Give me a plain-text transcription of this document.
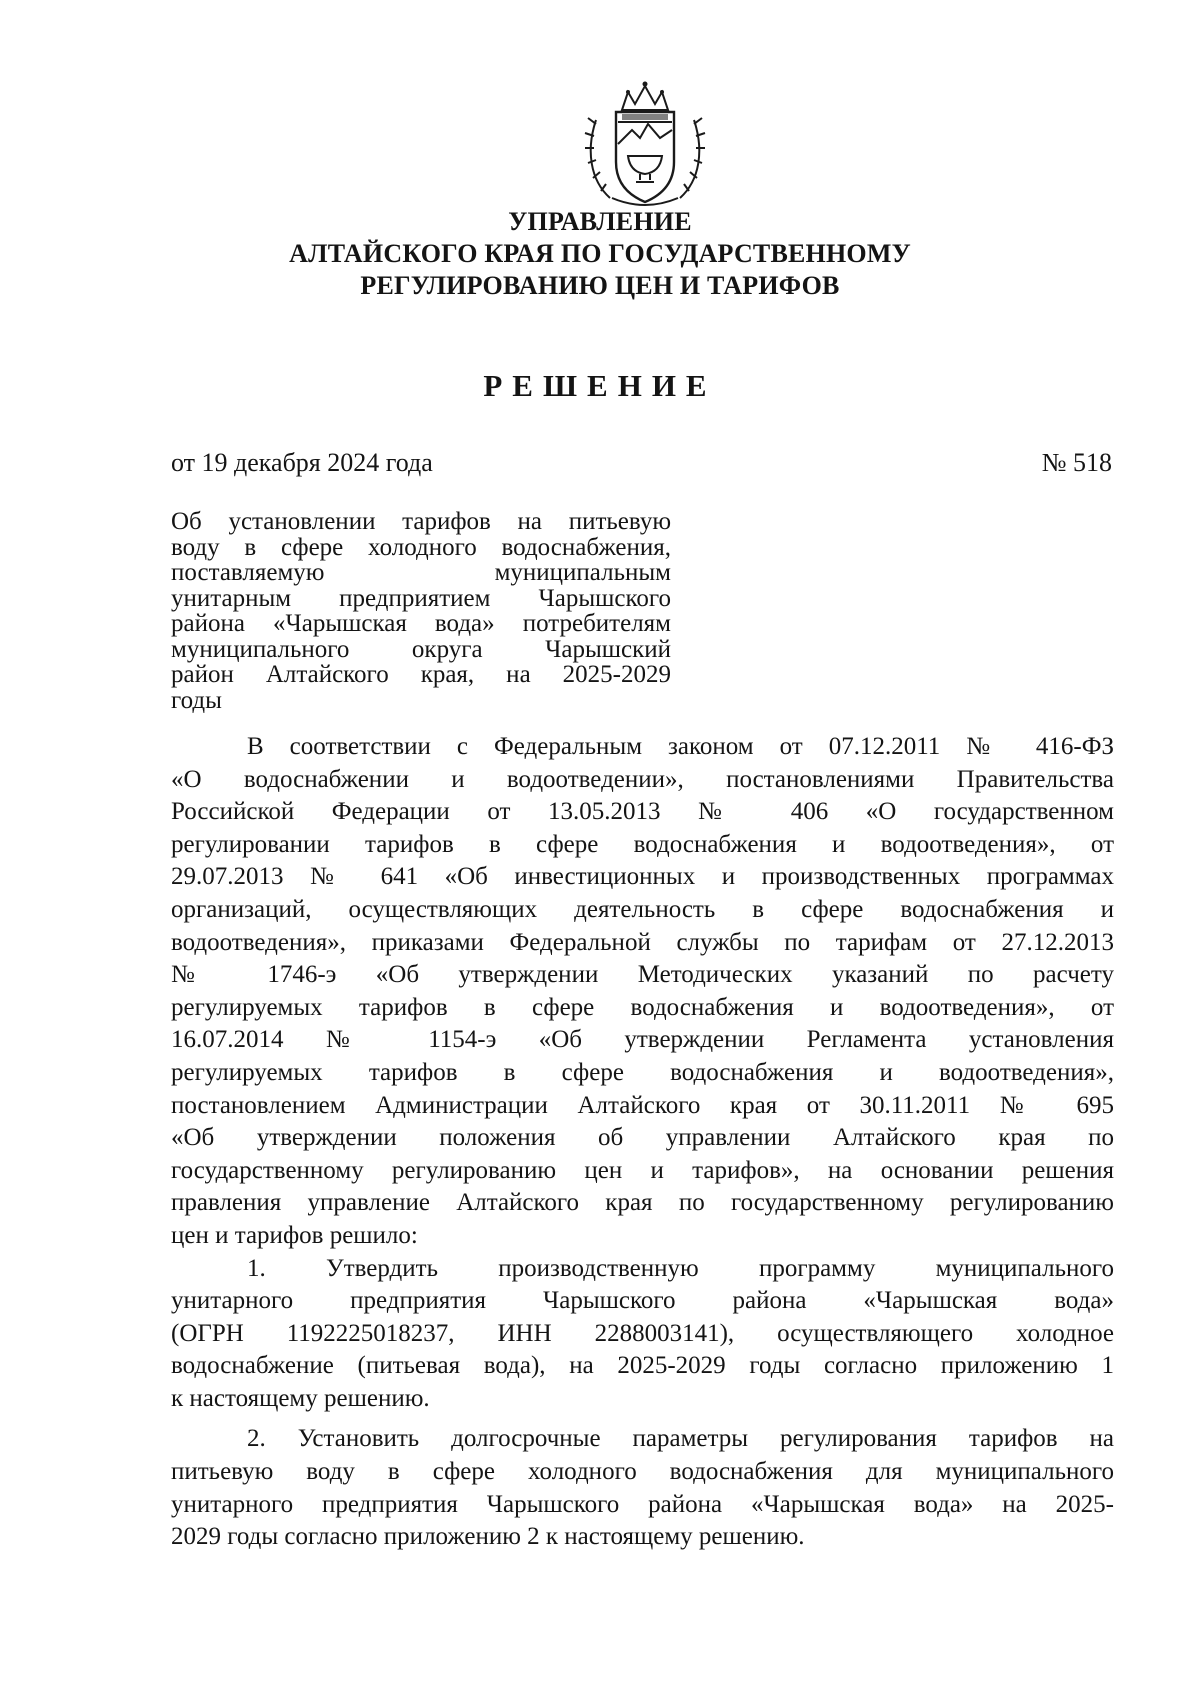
УПРАВЛЕНИЕ
АЛТАЙСКОГО КРАЯ ПО ГОСУДАРСТВЕННОМУ
РЕГУЛИРОВАНИЮ ЦЕН И ТАРИФОВ
РЕШЕНИЕ
от 19 декабря 2024 года	№ 518
Об установлении тарифов на питьевую
воду в сфере холодного водоснабжения,
поставляемую муниципальным
унитарным предприятием Чарышского
района «Чарышская вода» потребителям
муниципального округа Чарышский
район Алтайского края, на 2025-2029
годы
В соответствии с Федеральным законом от 07.12.2011 № 416-ФЗ
«О водоснабжении и водоотведении», постановлениями Правительства
Российской Федерации от 13.05.2013 № 406 «О государственном
регулировании тарифов в сфере водоснабжения и водоотведения», от
29.07.2013 № 641 «Об инвестиционных и производственных программах
организаций, осуществляющих деятельность в сфере водоснабжения и
водоотведения», приказами Федеральной службы по тарифам от 27.12.2013
№ 1746-э «Об утверждении Методических указаний по расчету
регулируемых тарифов в сфере водоснабжения и водоотведения», от
16.07.2014 № 1154-э «Об утверждении Регламента установления
регулируемых тарифов в сфере водоснабжения и водоотведения»,
постановлением Администрации Алтайского края от 30.11.2011 № 695
«Об утверждении положения об управлении Алтайского края по
государственному регулированию цен и тарифов», на основании решения
правления управление Алтайского края по государственному регулированию
цен и тарифов решило:
1. Утвердить производственную программу муниципального
унитарного предприятия Чарышского района «Чарышская вода»
(ОГРН 1192225018237, ИНН 2288003141), осуществляющего холодное
водоснабжение (питьевая вода), на 2025-2029 годы согласно приложению 1
к настоящему решению.
2. Установить долгосрочные параметры регулирования тарифов на
питьевую воду в сфере холодного водоснабжения для муниципального
унитарного предприятия Чарышского района «Чарышская вода» на 2025-
2029 годы согласно приложению 2 к настоящему решению.
